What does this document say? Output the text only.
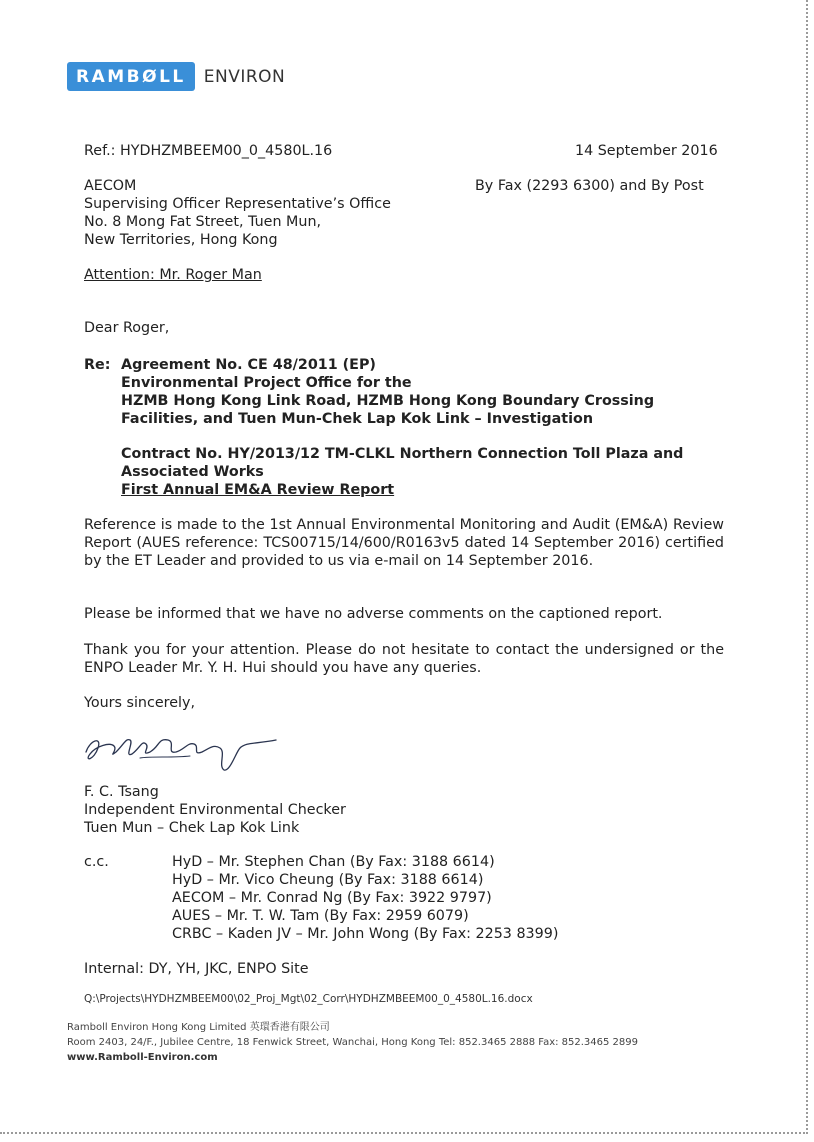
RAMBØLL	ENVIRON
Ref.: HYDHZMBEEM00_0_4580L.16	14 September 2016
AECOM
Supervising Officer Representative’s Office
No. 8 Mong Fat Street, Tuen Mun,
New Territories, Hong Kong
By Fax (2293 6300) and By Post
Attention: Mr. Roger Man
Dear Roger,
Re: Agreement No. CE 48/2011 (EP)
Environmental Project Office for the
HZMB Hong Kong Link Road, HZMB Hong Kong Boundary Crossing
Facilities, and Tuen Mun-Chek Lap Kok Link – Investigation
Contract No. HY/2013/12 TM-CLKL Northern Connection Toll Plaza and
Associated Works
First Annual EM&A Review Report
Reference is made to the 1st Annual Environmental Monitoring and Audit (EM&A) Review Report (AUES reference: TCS00715/14/600/R0163v5 dated 14 September 2016) certified by the ET Leader and provided to us via e-mail on 14 September 2016.
Please be informed that we have no adverse comments on the captioned report.
Thank you for your attention. Please do not hesitate to contact the undersigned or the ENPO Leader Mr. Y. H. Hui should you have any queries.
Yours sincerely,
F. C. Tsang
Independent Environmental Checker
Tuen Mun – Chek Lap Kok Link
c.c.	HyD – Mr. Stephen Chan (By Fax: 3188 6614)
HyD – Mr. Vico Cheung (By Fax: 3188 6614)
AECOM – Mr. Conrad Ng (By Fax: 3922 9797)
AUES – Mr. T. W. Tam (By Fax: 2959 6079)
CRBC – Kaden JV – Mr. John Wong (By Fax: 2253 8399)
Internal: DY, YH, JKC, ENPO Site
Q:\Projects\HYDHZMBEEM00\02_Proj_Mgt\02_Corr\HYDHZMBEEM00_0_4580L.16.docx
Ramboll Environ Hong Kong Limited 英環香港有限公司
Room 2403, 24/F., Jubilee Centre, 18 Fenwick Street, Wanchai, Hong Kong Tel: 852.3465 2888 Fax: 852.3465 2899
www.Ramboll-Environ.com
